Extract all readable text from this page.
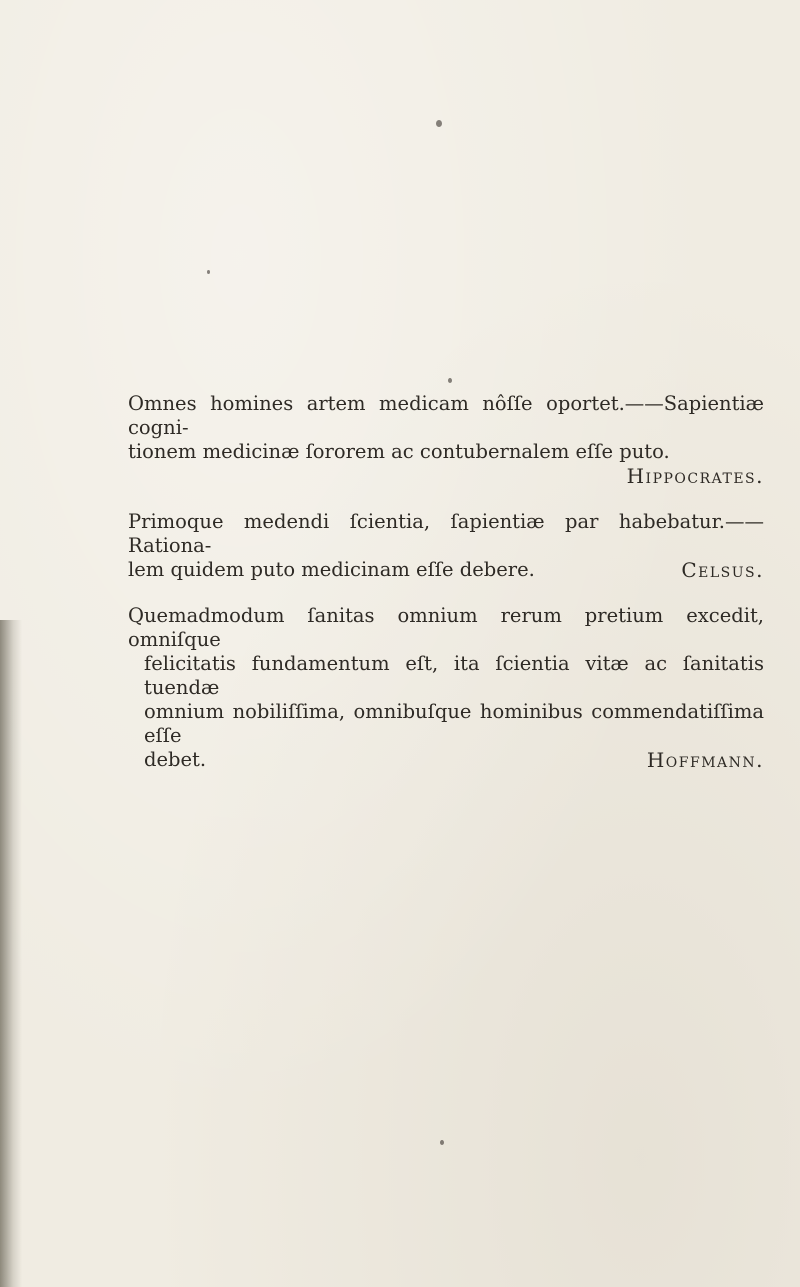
Omnes homines artem medicam nôſſe oportet.——Sapientiæ cogni-

tionem medicinæ ſororem ac contubernalem eſſe puto.

Hippocrates.

Primoque medendi ſcientia, ſapientiæ par habebatur.——Rationa-

lem quidem puto medicinam eſſe debere.	Celsus.

Quemadmodum ſanitas omnium rerum pretium excedit, omniſque

felicitatis fundamentum eſt, ita ſcientia vitæ ac ſanitatis tuendæ

omnium nobiliſſima, omnibuſque hominibus commendatiſſima eſſe

debet.	Hoffmann.
